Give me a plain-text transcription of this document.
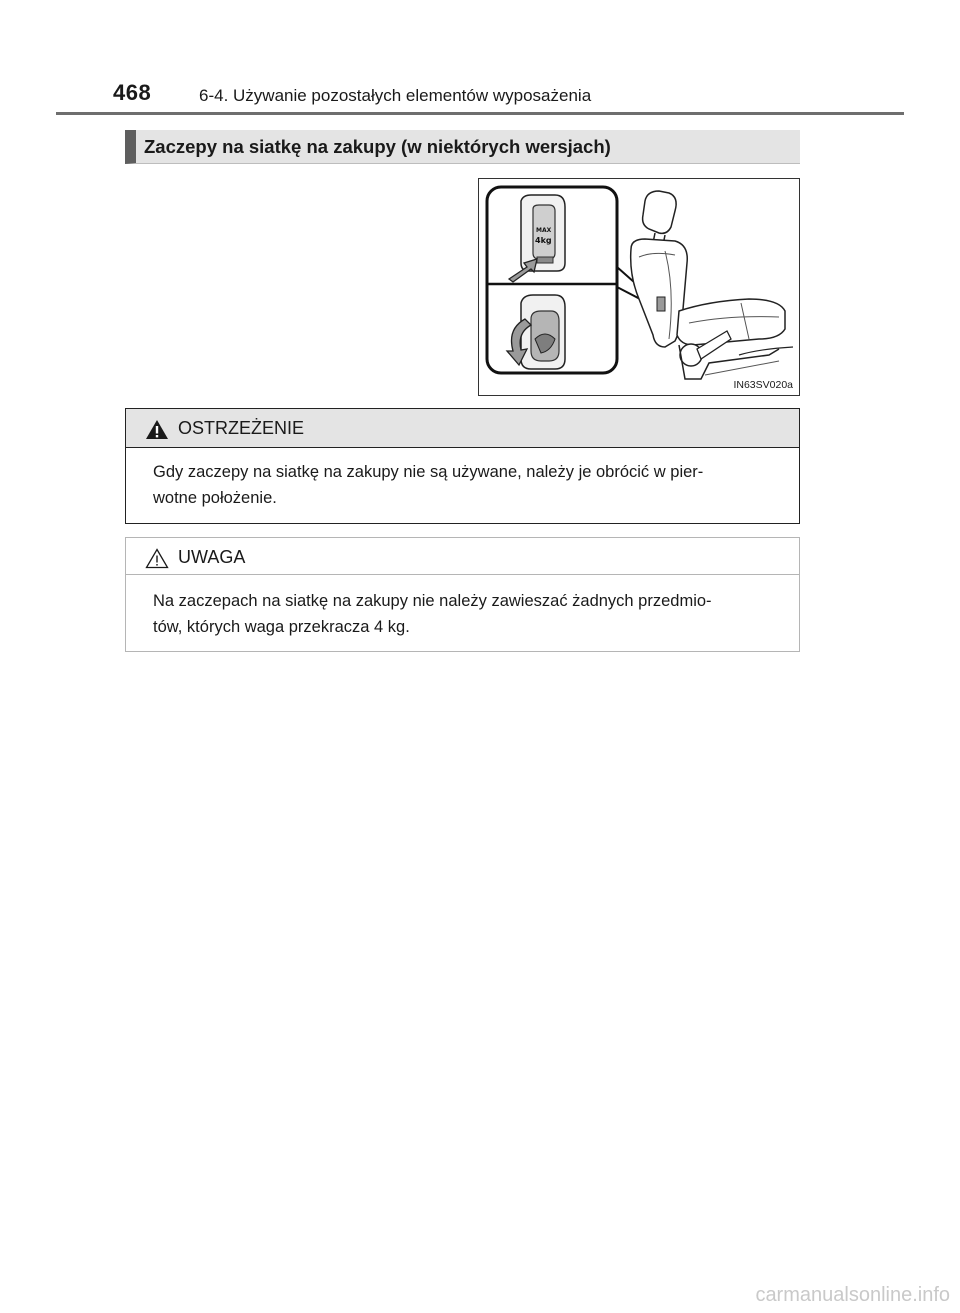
468	6-4. Używanie pozostałych elementów wyposażenia
Zaczepy na siatkę na zakupy (w niektórych wersjach)
MAX
4kg
IN63SV020a
OSTRZEŻENIE
Gdy zaczepy na siatkę na zakupy nie są używane, należy je obrócić w pier-
wotne położenie.
UWAGA
Na zaczepach na siatkę na zakupy nie należy zawieszać żadnych przedmio-
tów, których waga przekracza 4 kg.
carmanualsonline.info
